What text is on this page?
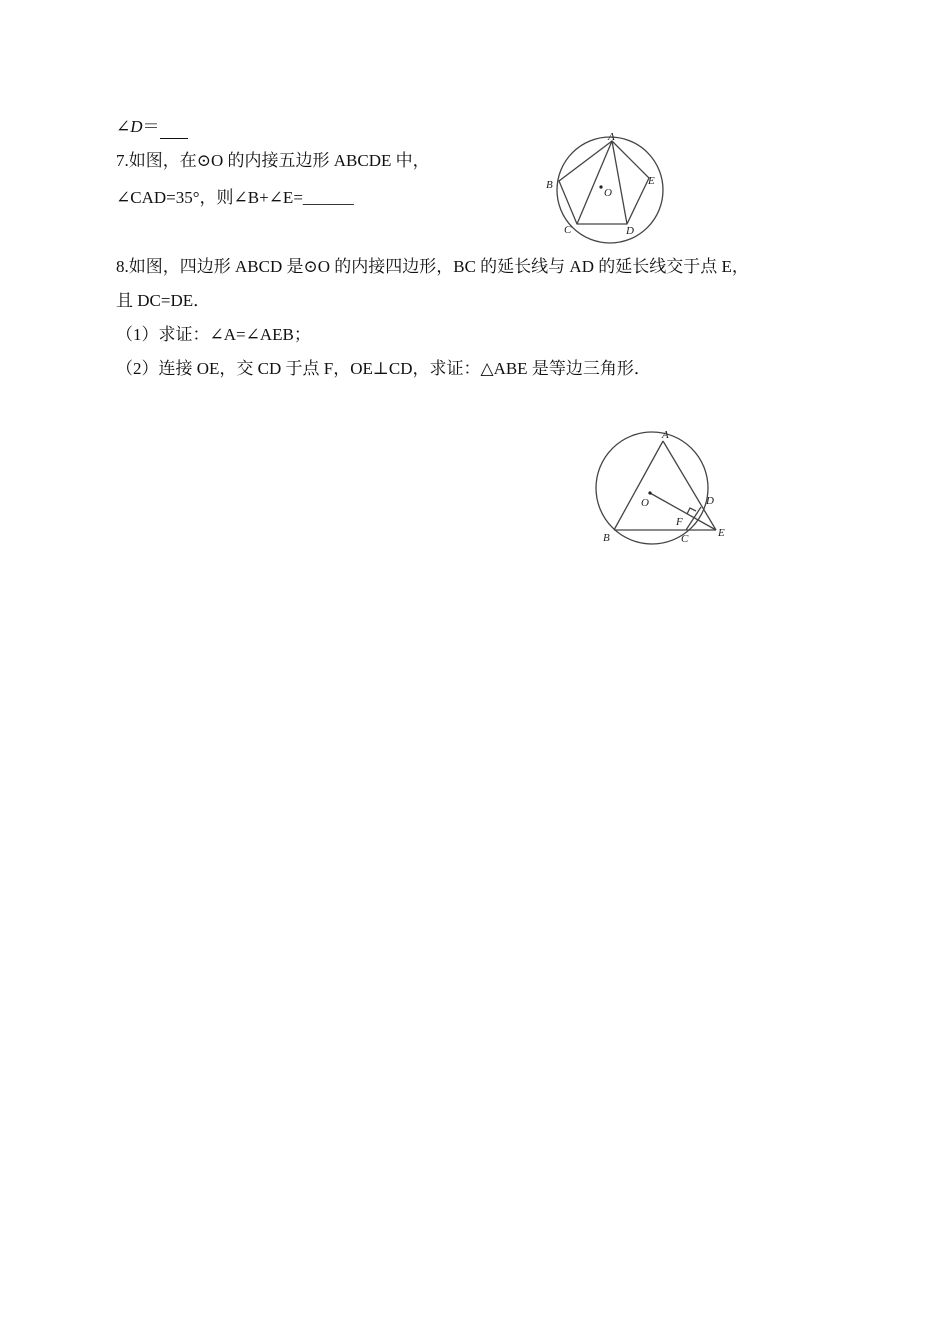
∠D＝
7.如图，在⊙O 的内接五边形 ABCDE 中，
∠CAD=35°，则∠B+∠E=______
A
B
C	D
E
O
8.如图，四边形 ABCD 是⊙O 的内接四边形，BC 的延长线与 AD 的延长线交于点 E，
且 DC=DE．
（1）求证：∠A=∠AEB；
（2）连接 OE，交 CD 于点 F，OE⊥CD，求证：△ABE 是等边三角形．
A
B	C
D
E
F
O
